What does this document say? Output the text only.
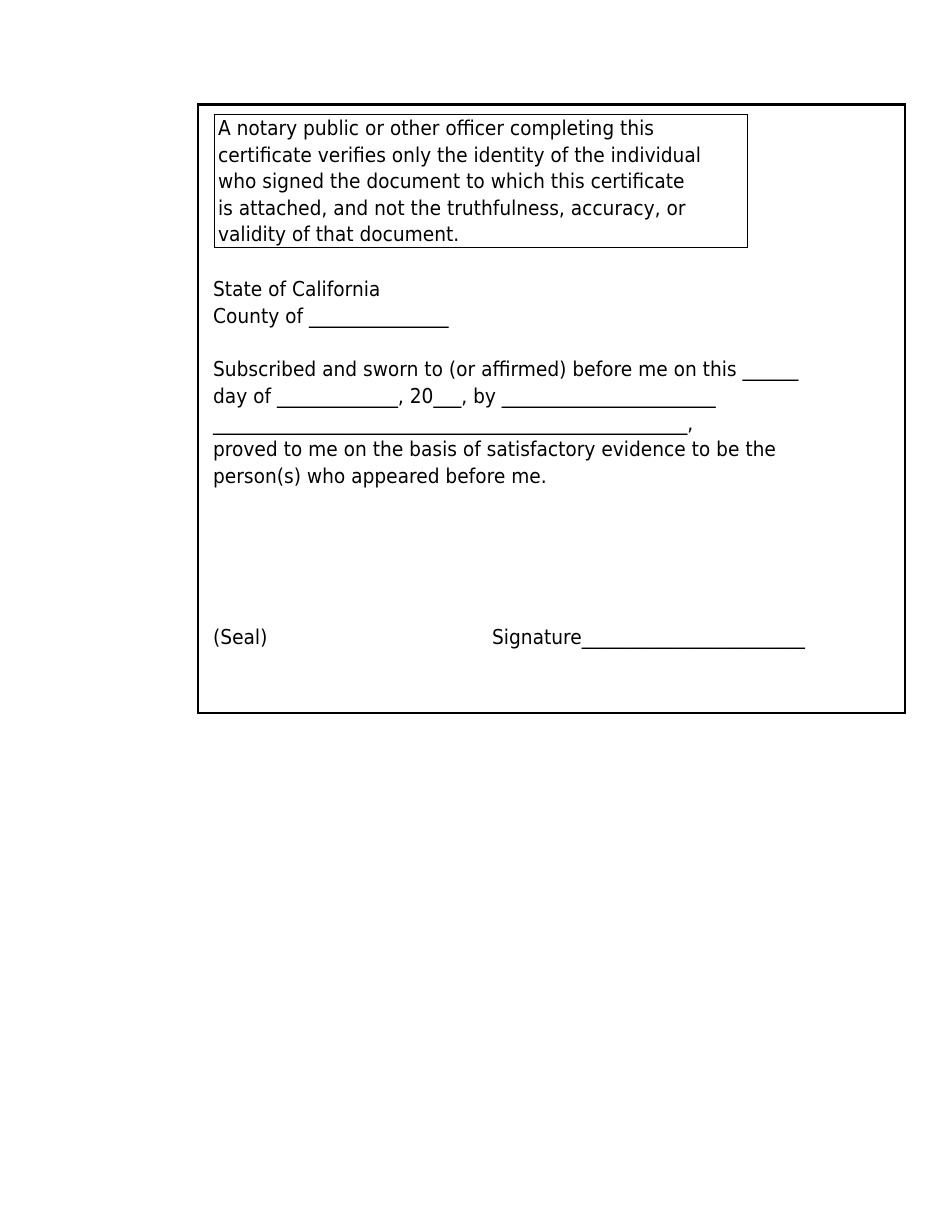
A notary public or other officer completing this
certificate verifies only the identity of the individual
who signed the document to which this certificate
is attached, and not the truthfulness, accuracy, or
validity of that document.
State of California
County of _______________
Subscribed and sworn to (or affirmed) before me on this ______
day of _____________, 20___, by _______________________
___________________________________________________,
proved to me on the basis of satisfactory evidence to be the
person(s) who appeared before me.
(Seal)	Signature________________________
